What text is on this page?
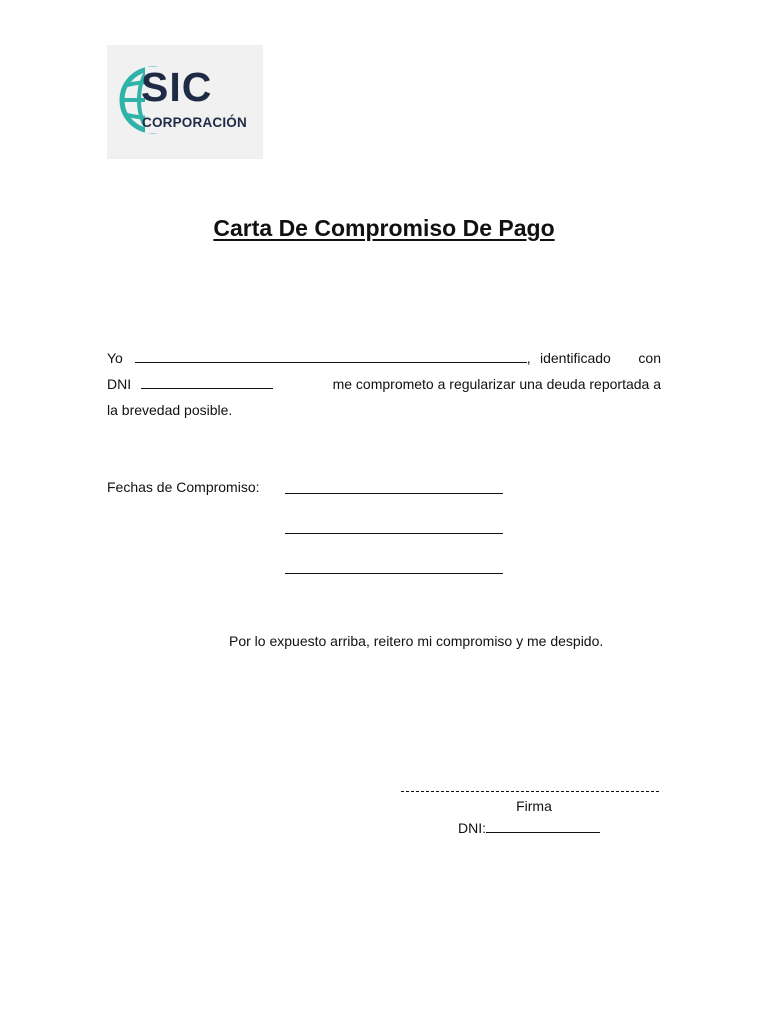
SIC
CORPORACIÓN
Carta De Compromiso De Pago
Yo	, identificado con
DNI	me comprometo a regularizar una deuda reportada a
la brevedad posible.
Fechas de Compromiso:
Por lo expuesto arriba, reitero mi compromiso y me despido.
Firma
DNI:
